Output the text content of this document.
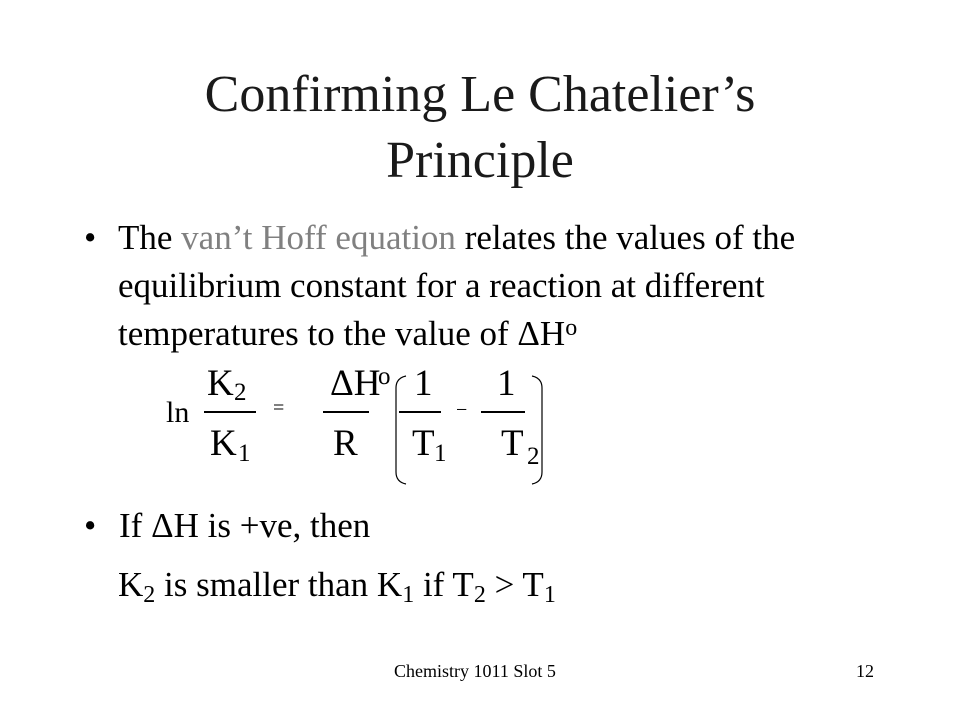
Confirming Le Chatelier’s
Principle
• The van’t Hoff equation relates the values of the equilibrium constant for a reaction at different temperatures to the value of $\Delta H^o$
ln
K 2
K 1
=
ΔH
o
R
1
T 1
−
1
T 2
• If ΔH is +ve, then
$K_2$ is smaller than $K_1$ if $T_2 > T_1$
Chemistry 1011 Slot 5	12
